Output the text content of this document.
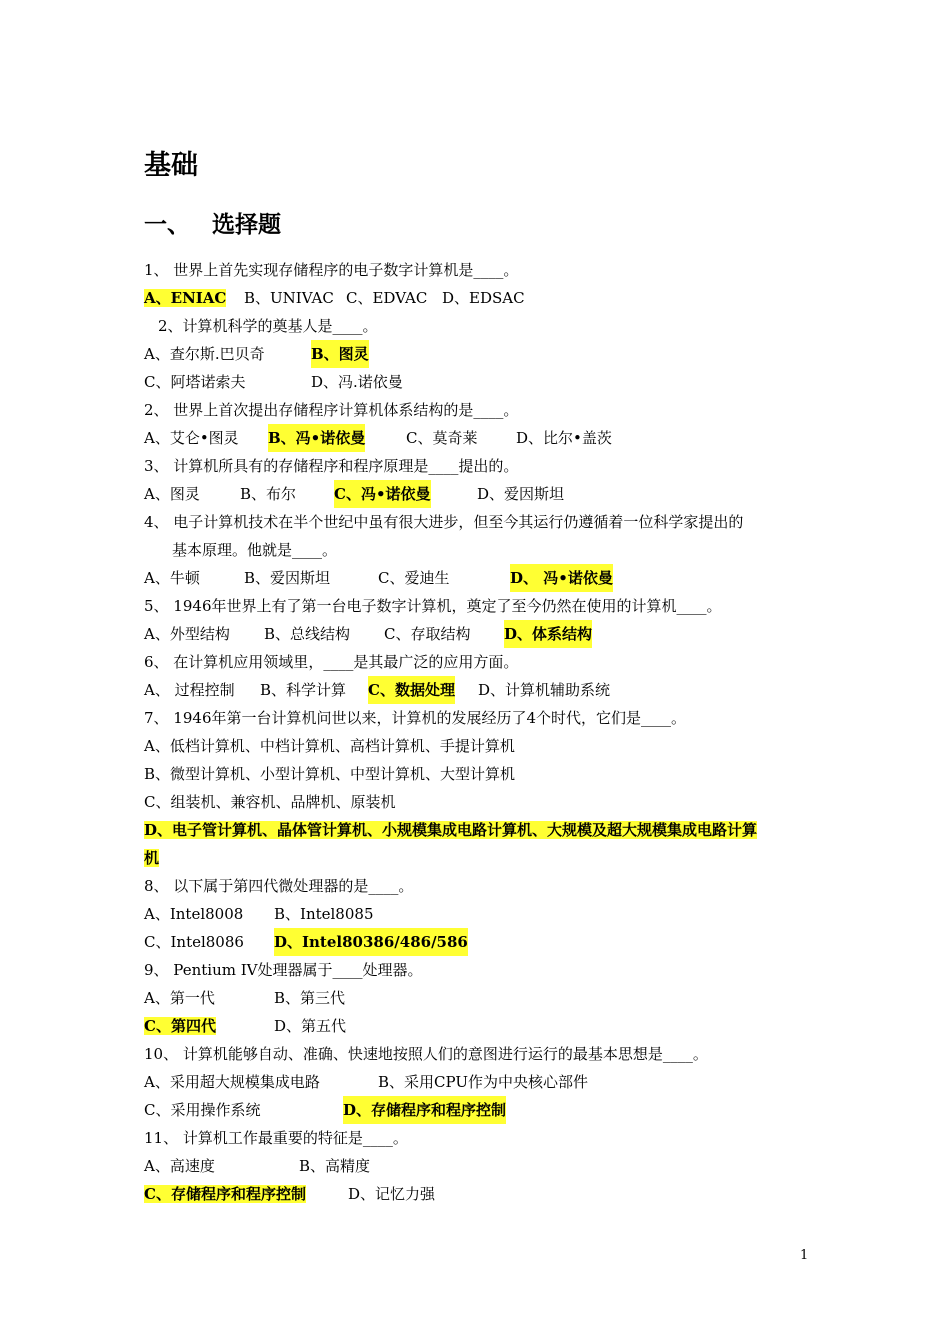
基础
一、 选择题
1、 世界上首先实现存储程序的电子数字计算机是____。
A、ENIAC B、UNIVAC C、EDVAC D、EDSAC
2、计算机科学的奠基人是____。
A、查尔斯.巴贝奇	B、图灵
C、阿塔诺索夫	D、冯.诺依曼
2、 世界上首次提出存储程序计算机体系结构的是____。
A、艾仑•图灵 B、冯•诺依曼	C、莫奇莱	D、比尔•盖茨
3、 计算机所具有的存储程序和程序原理是____提出的。
A、图灵	B、布尔	C、冯•诺依曼	D、爱因斯坦
4、 电子计算机技术在半个世纪中虽有很大进步，但至今其运行仍遵循着一位科学家提出的
基本原理。他就是____。
A、牛顿	B、爱因斯坦	C、爱迪生	D、 冯•诺依曼
5、 1946年世界上有了第一台电子数字计算机，奠定了至今仍然在使用的计算机____。
A、外型结构 B、总线结构 C、存取结构 D、体系结构
6、 在计算机应用领域里，____是其最广泛的应用方面。
A、 过程控制 B、科学计算 C、数据处理 D、计算机辅助系统
7、 1946年第一台计算机问世以来，计算机的发展经历了4个时代，它们是____。
A、低档计算机、中档计算机、高档计算机、手提计算机
B、微型计算机、小型计算机、中型计算机、大型计算机
C、组装机、兼容机、品牌机、原装机
D、电子管计算机、晶体管计算机、小规模集成电路计算机、大规模及超大规模集成电路计算
机
8、 以下属于第四代微处理器的是____。
A、Intel8008 B、Intel8085
C、Intel8086 D、Intel80386/486/586
9、 Pentium IV处理器属于____处理器。
A、第一代	B、第三代
C、第四代	D、第五代
10、 计算机能够自动、准确、快速地按照人们的意图进行运行的最基本思想是____。
A、采用超大规模集成电路	B、采用CPU作为中央核心部件
C、采用操作系统	D、存储程序和程序控制
11、 计算机工作最重要的特征是____。
A、高速度	B、高精度
C、存储程序和程序控制	D、记忆力强
1
